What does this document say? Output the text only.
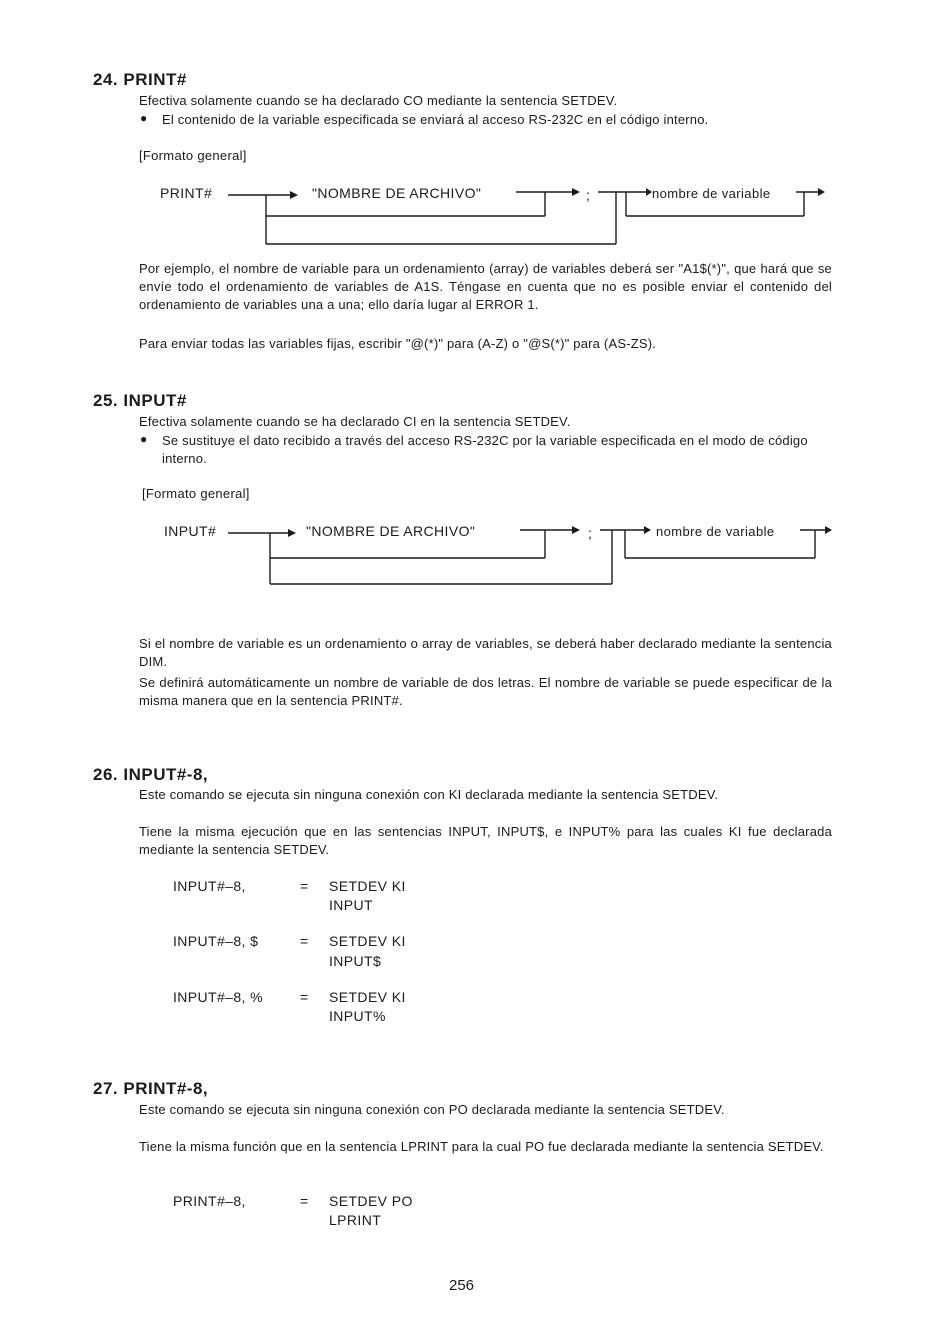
24. PRINT#
Efectiva solamente cuando se ha declarado CO mediante la sentencia SETDEV.
● El contenido de la variable especificada se enviará al acceso RS-232C en el código interno.
[Formato general]
PRINT#	"NOMBRE DE ARCHIVO"	;	nombre de variable
Por ejemplo, el nombre de variable para un ordenamiento (array) de variables deberá ser "A1$(*)", que hará que se envíe todo el ordenamiento de variables de A1S. Téngase en cuenta que no es posible enviar el contenido del ordenamiento de variables una a una; ello daría lugar al ERROR 1.
Para enviar todas las variables fijas, escribir "@(*)" para (A-Z) o "@S(*)" para (AS-ZS).
25. INPUT#
Efectiva solamente cuando se ha declarado CI en la sentencia SETDEV.
● Se sustituye el dato recibido a través del acceso RS-232C por la variable especificada en el modo de código interno.
[Formato general]
INPUT#	"NOMBRE DE ARCHIVO"	;	nombre de variable
Si el nombre de variable es un ordenamiento o array de variables, se deberá haber declarado mediante la sentencia DIM.
Se definirá automáticamente un nombre de variable de dos letras. El nombre de variable se puede especificar de la misma manera que en la sentencia PRINT#.
26. INPUT#-8,
Este comando se ejecuta sin ninguna conexión con KI declarada mediante la sentencia SETDEV.
Tiene la misma ejecución que en las sentencias INPUT, INPUT$, e INPUT% para las cuales KI fue declarada mediante la sentencia SETDEV.
INPUT#–8,	= SETDEV KI
INPUT
INPUT#–8, $	= SETDEV KI
INPUT$
INPUT#–8, %	= SETDEV KI
INPUT%
27. PRINT#-8,
Este comando se ejecuta sin ninguna conexión con PO declarada mediante la sentencia SETDEV.
Tiene la misma función que en la sentencia LPRINT para la cual PO fue declarada mediante la sentencia SETDEV.
PRINT#–8,	= SETDEV PO
LPRINT
256
